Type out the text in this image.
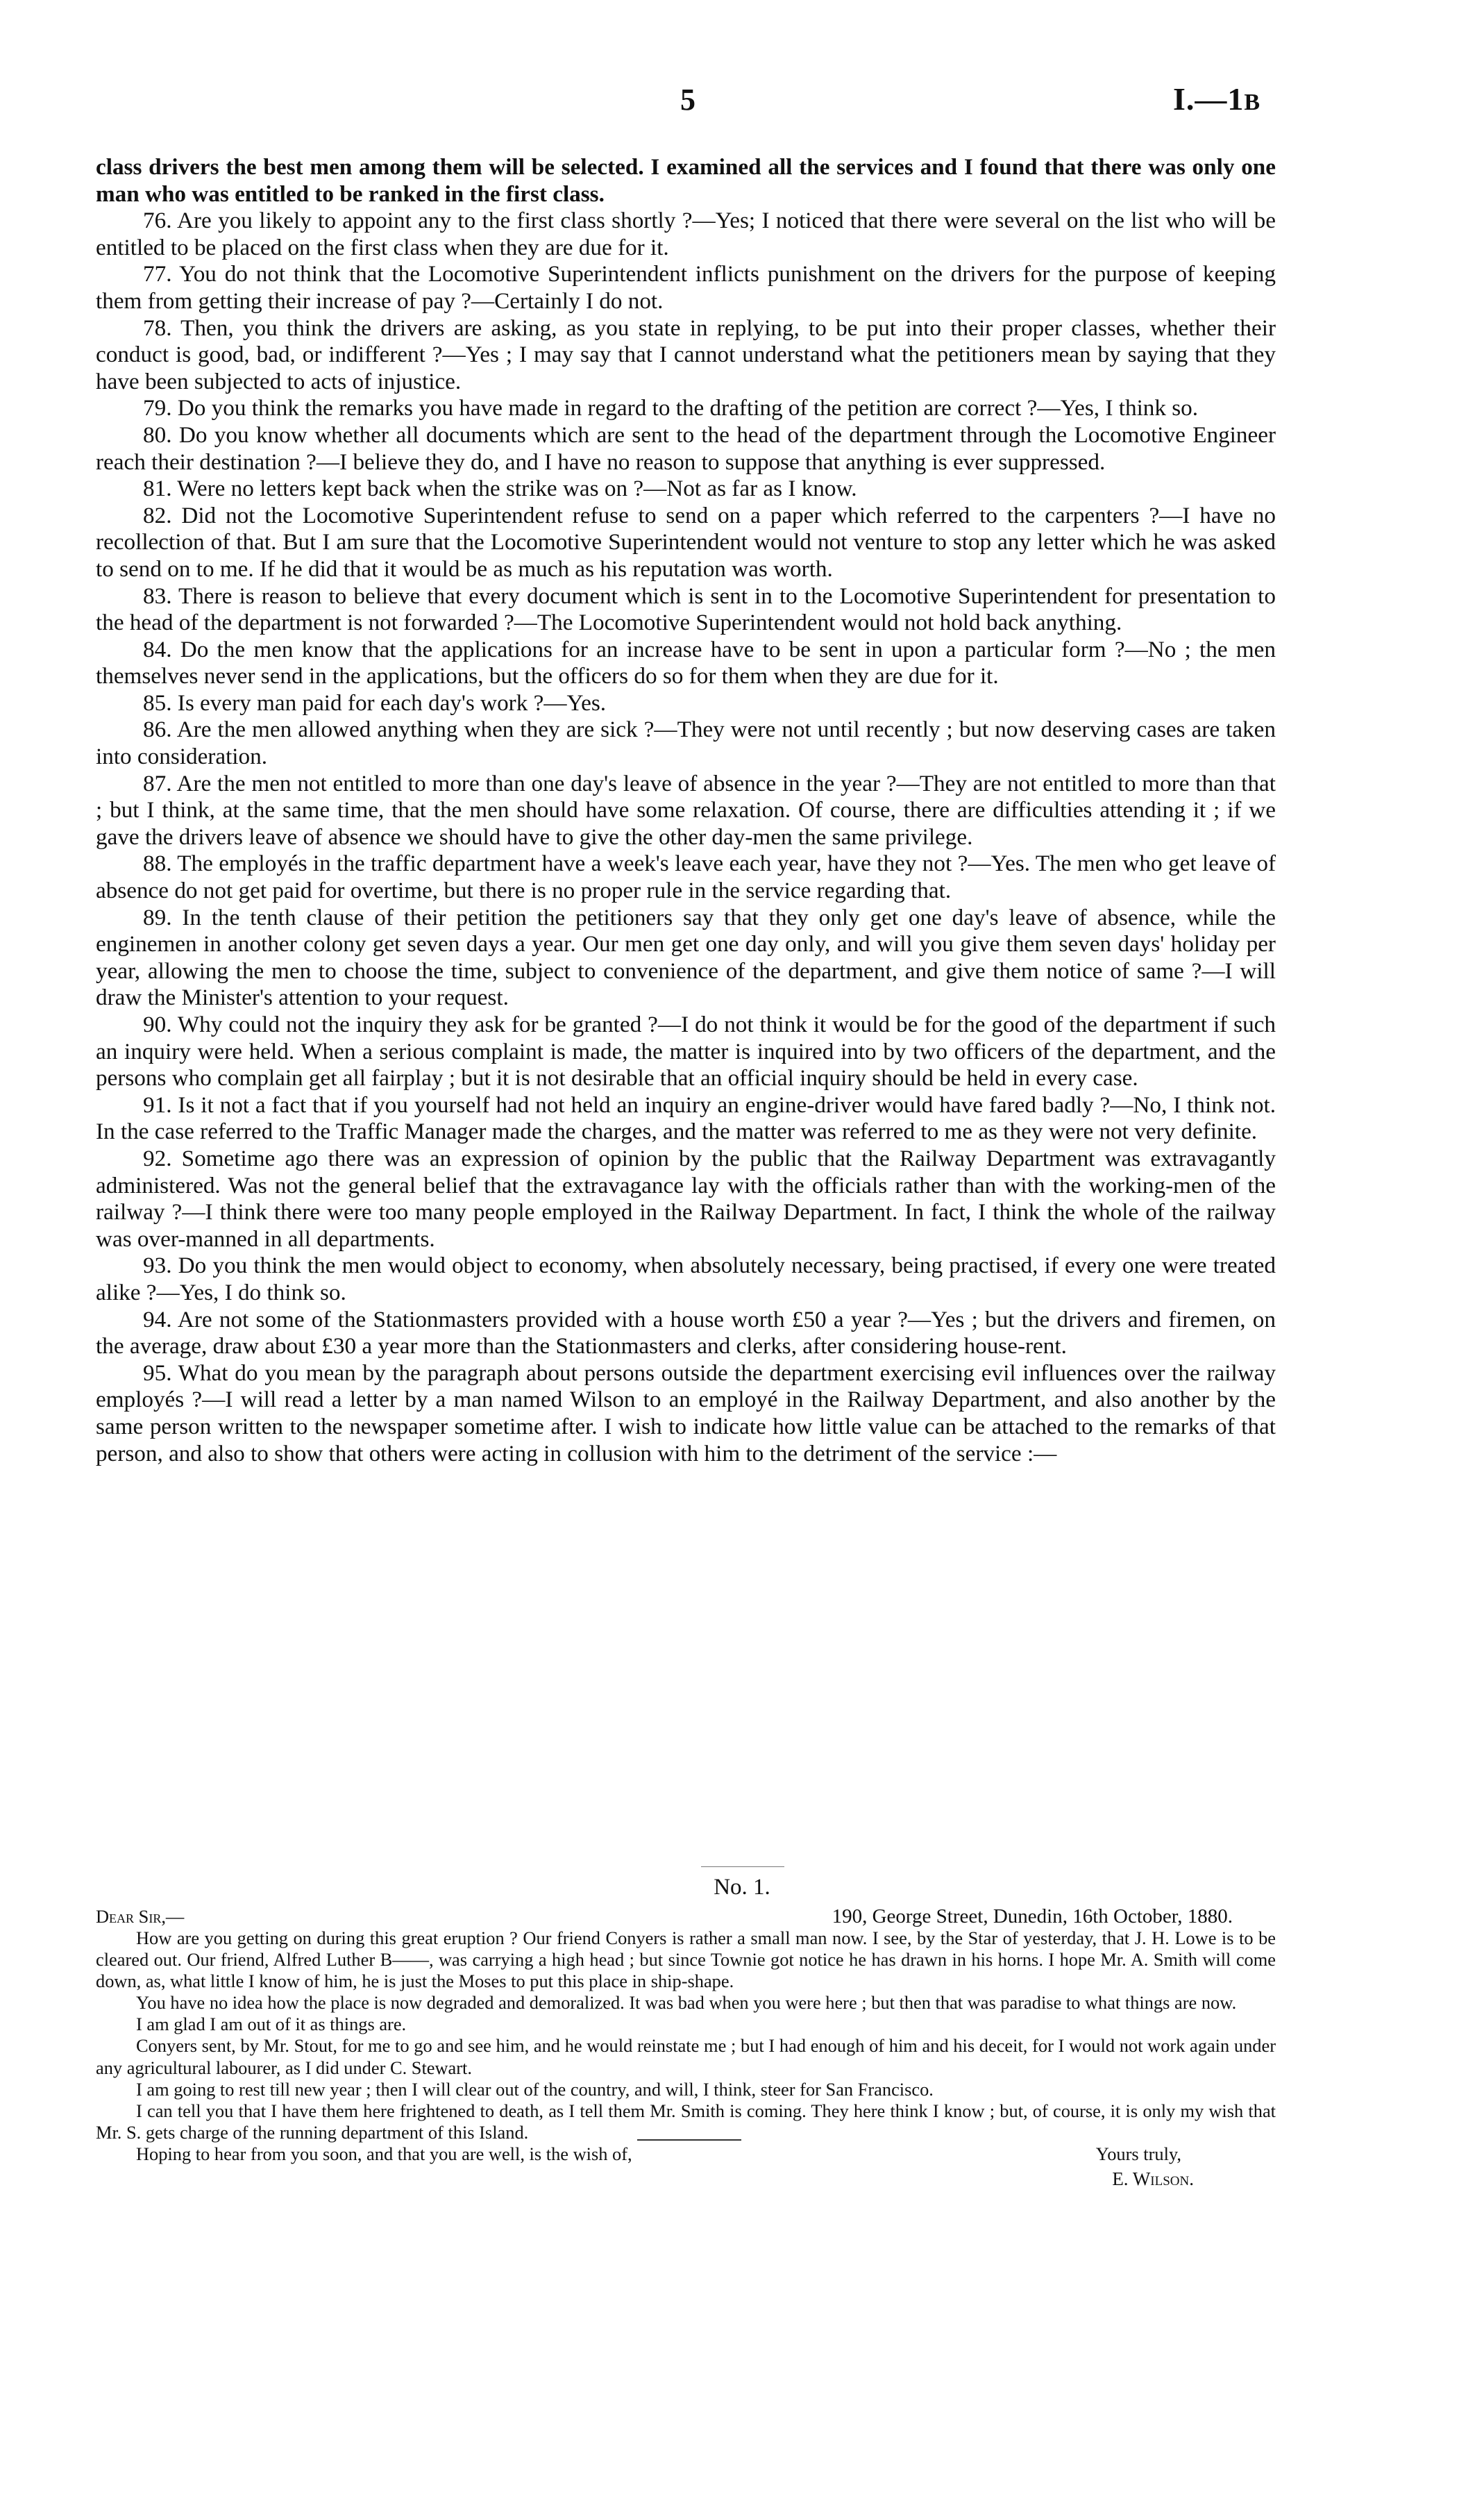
5	I.—1B

class drivers the best men among them will be selected. I examined all the services and I found that there was only one man who was entitled to be ranked in the first class.

76. Are you likely to appoint any to the first class shortly ?—Yes; I noticed that there were several on the list who will be entitled to be placed on the first class when they are due for it.

77. You do not think that the Locomotive Superintendent inflicts punishment on the drivers for the purpose of keeping them from getting their increase of pay ?—Certainly I do not.

78. Then, you think the drivers are asking, as you state in replying, to be put into their proper classes, whether their conduct is good, bad, or indifferent ?—Yes ; I may say that I cannot understand what the petitioners mean by saying that they have been subjected to acts of injustice.

79. Do you think the remarks you have made in regard to the drafting of the petition are correct ?—Yes, I think so.

80. Do you know whether all documents which are sent to the head of the department through the Locomotive Engineer reach their destination ?—I believe they do, and I have no reason to suppose that anything is ever suppressed.

81. Were no letters kept back when the strike was on ?—Not as far as I know.

82. Did not the Locomotive Superintendent refuse to send on a paper which referred to the carpenters ?—I have no recollection of that. But I am sure that the Locomotive Superintendent would not venture to stop any letter which he was asked to send on to me. If he did that it would be as much as his reputation was worth.

83. There is reason to believe that every document which is sent in to the Locomotive Superintendent for presentation to the head of the department is not forwarded ?—The Locomotive Superintendent would not hold back anything.

84. Do the men know that the applications for an increase have to be sent in upon a particular form ?—No ; the men themselves never send in the applications, but the officers do so for them when they are due for it.

85. Is every man paid for each day's work ?—Yes.

86. Are the men allowed anything when they are sick ?—They were not until recently ; but now deserving cases are taken into consideration.

87. Are the men not entitled to more than one day's leave of absence in the year ?—They are not entitled to more than that ; but I think, at the same time, that the men should have some relaxation. Of course, there are difficulties attending it ; if we gave the drivers leave of absence we should have to give the other day-men the same privilege.

88. The employés in the traffic department have a week's leave each year, have they not ?—Yes. The men who get leave of absence do not get paid for overtime, but there is no proper rule in the service regarding that.

89. In the tenth clause of their petition the petitioners say that they only get one day's leave of absence, while the enginemen in another colony get seven days a year. Our men get one day only, and will you give them seven days' holiday per year, allowing the men to choose the time, subject to convenience of the department, and give them notice of same ?—I will draw the Minister's attention to your request.

90. Why could not the inquiry they ask for be granted ?—I do not think it would be for the good of the department if such an inquiry were held. When a serious complaint is made, the matter is inquired into by two officers of the department, and the persons who complain get all fairplay ; but it is not desirable that an official inquiry should be held in every case.

91. Is it not a fact that if you yourself had not held an inquiry an engine-driver would have fared badly ?—No, I think not. In the case referred to the Traffic Manager made the charges, and the matter was referred to me as they were not very definite.

92. Sometime ago there was an expression of opinion by the public that the Railway Department was extravagantly administered. Was not the general belief that the extravagance lay with the officials rather than with the working-men of the railway ?—I think there were too many people employed in the Railway Department. In fact, I think the whole of the railway was over-manned in all departments.

93. Do you think the men would object to economy, when absolutely necessary, being practised, if every one were treated alike ?—Yes, I do think so.

94. Are not some of the Stationmasters provided with a house worth £50 a year ?—Yes ; but the drivers and firemen, on the average, draw about £30 a year more than the Stationmasters and clerks, after considering house-rent.

95. What do you mean by the paragraph about persons outside the department exercising evil influences over the railway employés ?—I will read a letter by a man named Wilson to an employé in the Railway Department, and also another by the same person written to the newspaper sometime after. I wish to indicate how little value can be attached to the remarks of that person, and also to show that others were acting in collusion with him to the detriment of the service :—

No. 1.
Dear Sir,—	190, George Street, Dunedin, 16th October, 1880.

How are you getting on during this great eruption ? Our friend Conyers is rather a small man now. I see, by the Star of yesterday, that J. H. Lowe is to be cleared out. Our friend, Alfred Luther B——, was carrying a high head ; but since Townie got notice he has drawn in his horns. I hope Mr. A. Smith will come down, as, what little I know of him, he is just the Moses to put this place in ship-shape.

You have no idea how the place is now degraded and demoralized. It was bad when you were here ; but then that was paradise to what things are now.

I am glad I am out of it as things are.

Conyers sent, by Mr. Stout, for me to go and see him, and he would reinstate me ; but I had enough of him and his deceit, for I would not work again under any agricultural labourer, as I did under C. Stewart.

I am going to rest till new year ; then I will clear out of the country, and will, I think, steer for San Francisco.

I can tell you that I have them here frightened to death, as I tell them Mr. Smith is coming. They here think I know ; but, of course, it is only my wish that Mr. S. gets charge of the running department of this Island.

Hoping to hear from you soon, and that you are well, is the wish of,	Yours truly,
E. Wilson.
